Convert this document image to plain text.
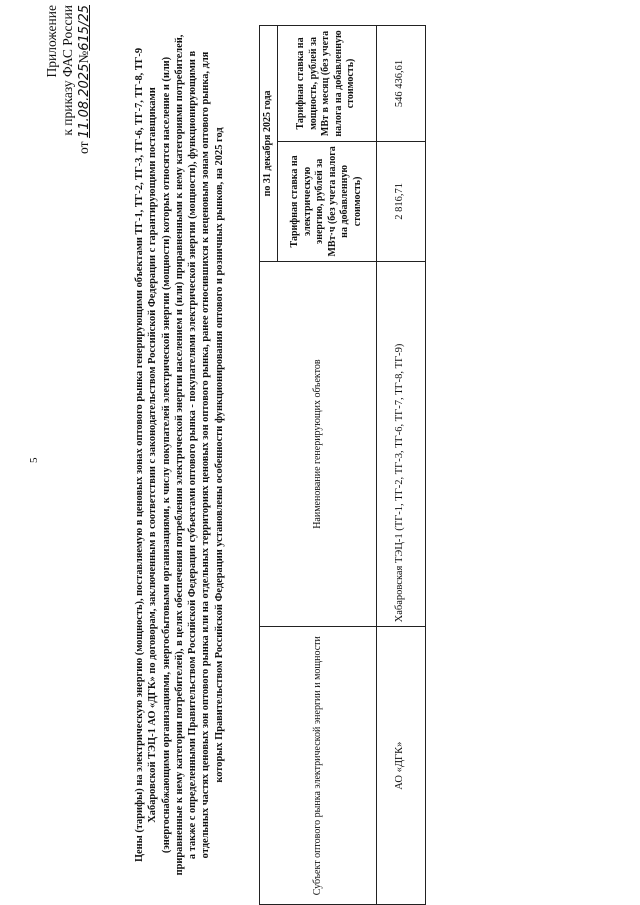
5
Приложение к приказу ФАС России
от 11.08.2025№615/25
Цены (тарифы) на электрическую энергию (мощность), поставляемую в ценовых зонах оптового рынка генерирующими объектами ТГ-1, ТГ-2, ТГ-3, ТГ-6, ТГ-7, ТГ-8, ТГ-9 Хабаровской ТЭЦ-1 АО «ДГК» по договорам, заключенным в соответствии с законодательством Российской Федерации с гарантирующими поставщиками (энергоснабжающими организациями, энергосбытовыми организациями, к числу покупателей электрической энергии (мощности) которых относятся население и (или) приравненные к нему категории потребителей), в целях обеспечения потребления электрической энергии населением и (или) приравненными к нему категориями потребителей, а также с определенными Правительством Российской Федерации субъектами оптового рынка - покупателями электрической энергии (мощности), функционирующими в отдельных частях ценовых зон оптового рынка или на отдельных территориях ценовых зон оптового рынка, ранее относившихся к неценовым зонам оптового рынка, для которых Правительством Российской Федерации установлены особенности функционирования оптового и розничных рынков, на 2025 год	Субъект оптового рынка электрической энергии и мощности	Наименование генерирующих объектов	по 31 декабря 2025 года	
		Тарифная ставка на электрическую энергию, рублей за МВт·ч (без учета налога на добавленную стоимость)	Тарифная ставка на мощность, рублей за МВт в месяц (без учета налога на добавленную стоимость)
АО «ДГК»	Хабаровская ТЭЦ-1 (ТГ-1, ТГ-2, ТГ-3, ТГ-6, ТГ-7, ТГ-8, ТГ-9)	2 816,71	546 436,61
